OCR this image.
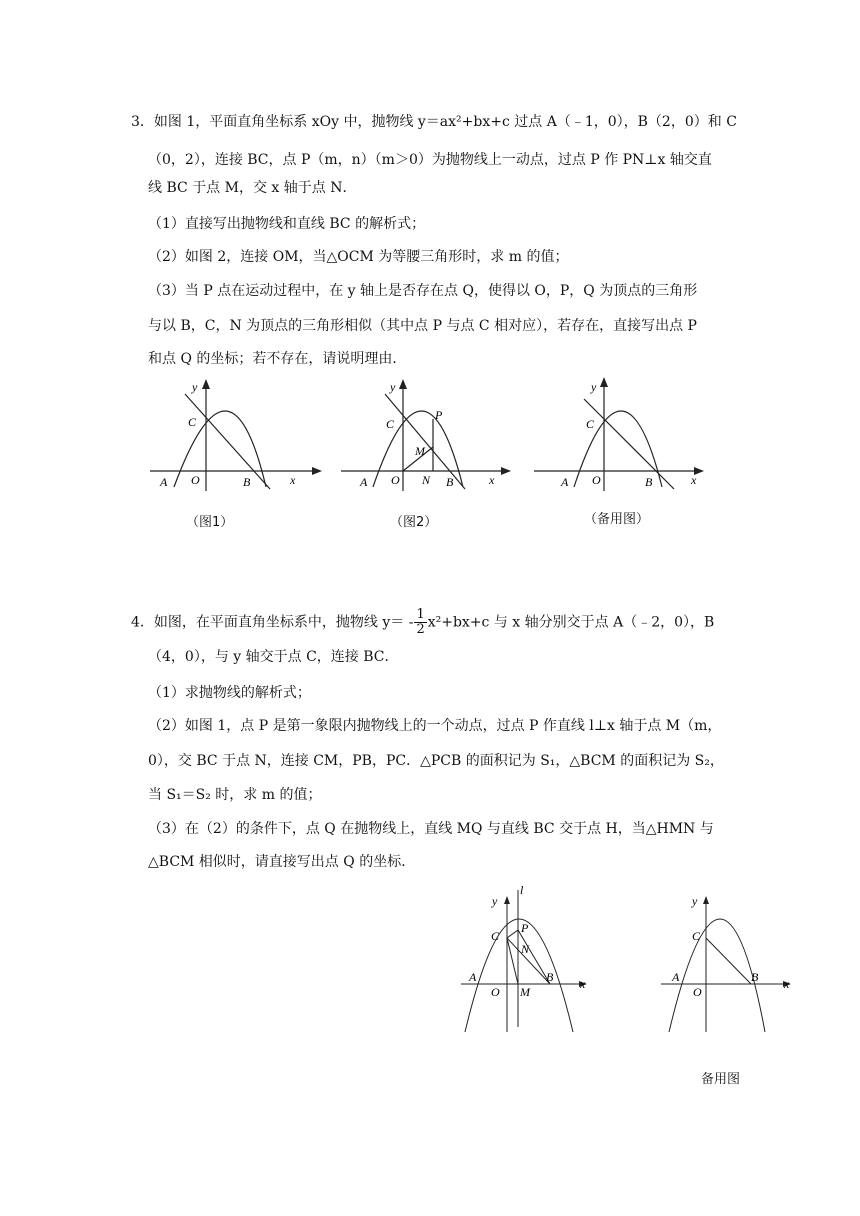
3．如图 1，平面直角坐标系 xOy 中，抛物线 y＝ax²+bx+c 过点 A（﹣1，0），B（2，0）和 C
（0，2），连接 BC，点 P（m，n）（m＞0）为抛物线上一动点，过点 P 作 PN⊥x 轴交直
线 BC 于点 M，交 x 轴于点 N．
（1）直接写出抛物线和直线 BC 的解析式；
（2）如图 2，连接 OM，当△OCM 为等腰三角形时，求 m 的值；
（3）当 P 点在运动过程中，在 y 轴上是否存在点 Q，使得以 O，P，Q 为顶点的三角形
与以 B，C，N 为顶点的三角形相似（其中点 P 与点 C 相对应），若存在，直接写出点 P
和点 Q 的坐标；若不存在，请说明理由．
y
C
A O	B	x
y
P
C
M
A O N B	x
y
C
A O	B	x
（图1）	（图2）	（备用图）
4．如图，在平面直角坐标系中，抛物线 $y= - \frac{1}{2} x^2+bx+c$ 与 x 轴分别交于点 A（﹣2，0），B
（4，0），与 y 轴交于点 C，连接 BC．
（1）求抛物线的解析式；
（2）如图 1，点 P 是第一象限内抛物线上的一个动点，过点 P 作直线 l⊥x 轴于点 M（m，
0），交 BC 于点 N，连接 CM，PB，PC．△PCB 的面积记为 S₁，△BCM 的面积记为 S₂，
当 S₁＝S₂ 时，求 m 的值；
（3）在（2）的条件下，点 Q 在抛物线上，直线 MQ 与直线 BC 交于点 H，当△HMN 与
△BCM 相似时，请直接写出点 Q 的坐标．
y
l
P
C
N
A	B
O M
x
y
C
A	B
O
x
备用图
